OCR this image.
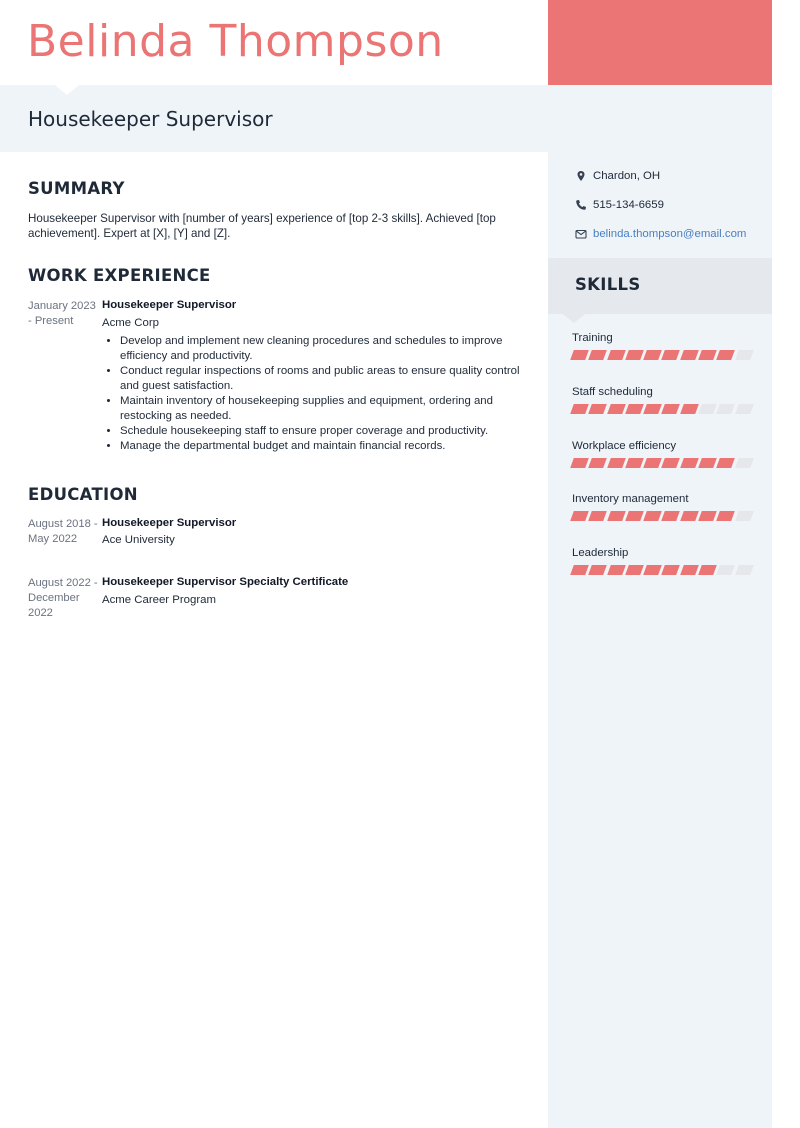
Belinda Thompson
Housekeeper Supervisor
SUMMARY
Housekeeper Supervisor with [number of years] experience of [top 2-3 skills]. Achieved [top achievement]. Expert at [X], [Y] and [Z].
WORK EXPERIENCE
January 2023 - Present
Housekeeper Supervisor
Acme Corp
• Develop and implement new cleaning procedures and schedules to improve efficiency and productivity.
• Conduct regular inspections of rooms and public areas to ensure quality control and guest satisfaction.
• Maintain inventory of housekeeping supplies and equipment, ordering and restocking as needed.
• Schedule housekeeping staff to ensure proper coverage and productivity.
• Manage the departmental budget and maintain financial records.
EDUCATION
August 2018 - May 2022
Housekeeper Supervisor
Ace University
August 2022 - December 2022
Housekeeper Supervisor Specialty Certificate
Acme Career Program
Chardon, OH
515-134-6659
belinda.thompson@email.com
SKILLS
Training
Staff scheduling
Workplace efficiency
Inventory management
Leadership
